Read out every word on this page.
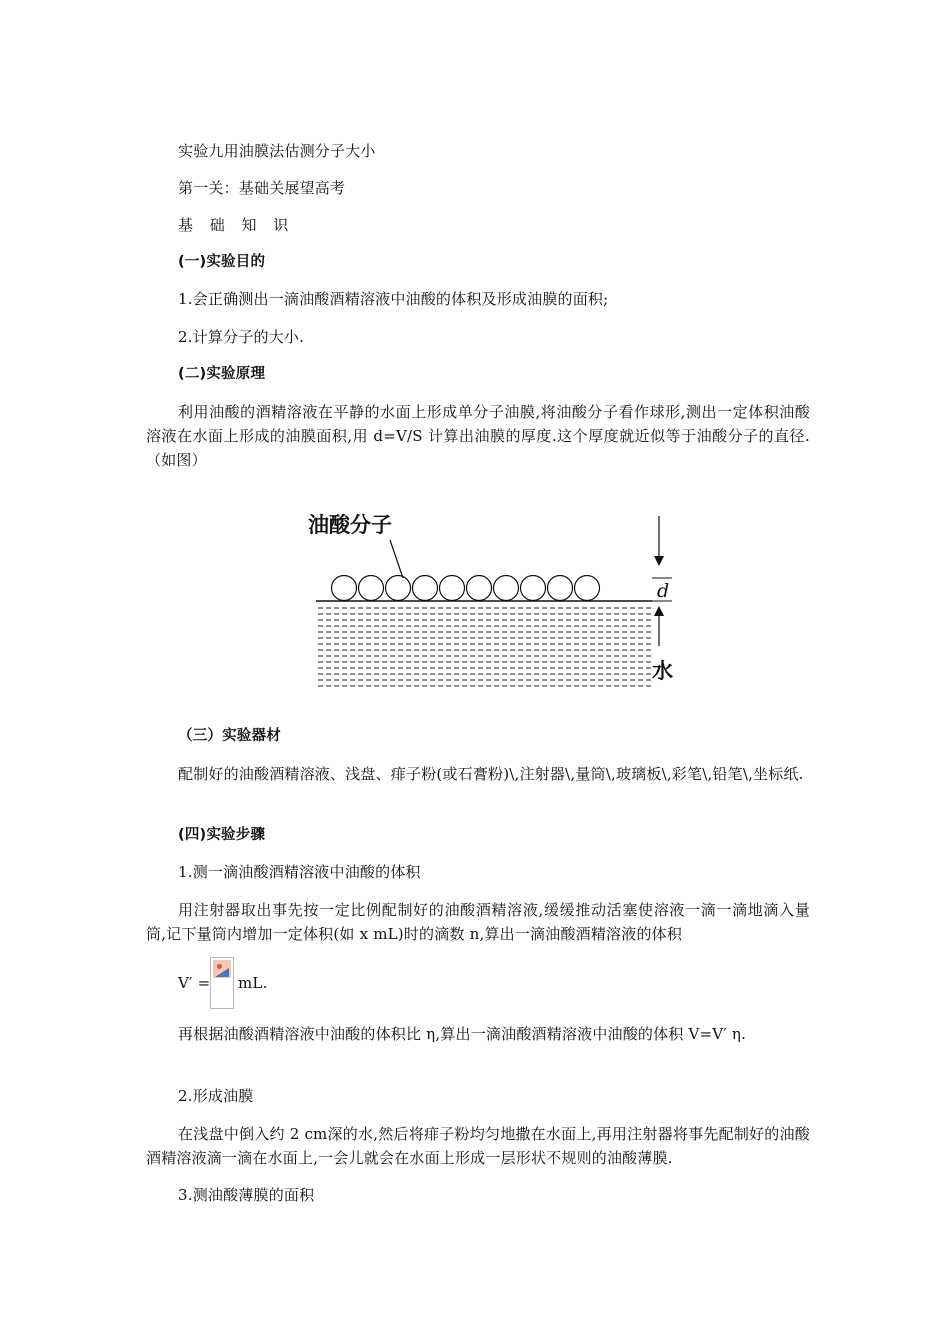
实验九用油膜法估测分子大小
第一关：基础关展望高考
基 础 知 识
(一)实验目的
1.会正确测出一滴油酸酒精溶液中油酸的体积及形成油膜的面积;
2.计算分子的大小.
(二)实验原理
利用油酸的酒精溶液在平静的水面上形成单分子油膜,将油酸分子看作球形,测出一定体积油酸溶液在水面上形成的油膜面积,用 d=V/S 计算出油膜的厚度.这个厚度就近似等于油酸分子的直径.（如图）
油酸分子
d
水
（三）实验器材
配制好的油酸酒精溶液、浅盘、痱子粉(或石膏粉)\,注射器\,量筒\,玻璃板\,彩笔\,铅笔\,坐标纸.
(四)实验步骤
1.测一滴油酸酒精溶液中油酸的体积
用注射器取出事先按一定比例配制好的油酸酒精溶液,缓缓推动活塞使溶液一滴一滴地滴入量筒,记下量筒内增加一定体积(如 x mL)时的滴数 n,算出一滴油酸酒精溶液的体积
V′ = mL.
再根据油酸酒精溶液中油酸的体积比 η,算出一滴油酸酒精溶液中油酸的体积 V=V′ η.
2.形成油膜
在浅盘中倒入约 2 cm深的水,然后将痱子粉均匀地撒在水面上,再用注射器将事先配制好的油酸酒精溶液滴一滴在水面上,一会儿就会在水面上形成一层形状不规则的油酸薄膜.
3.测油酸薄膜的面积
